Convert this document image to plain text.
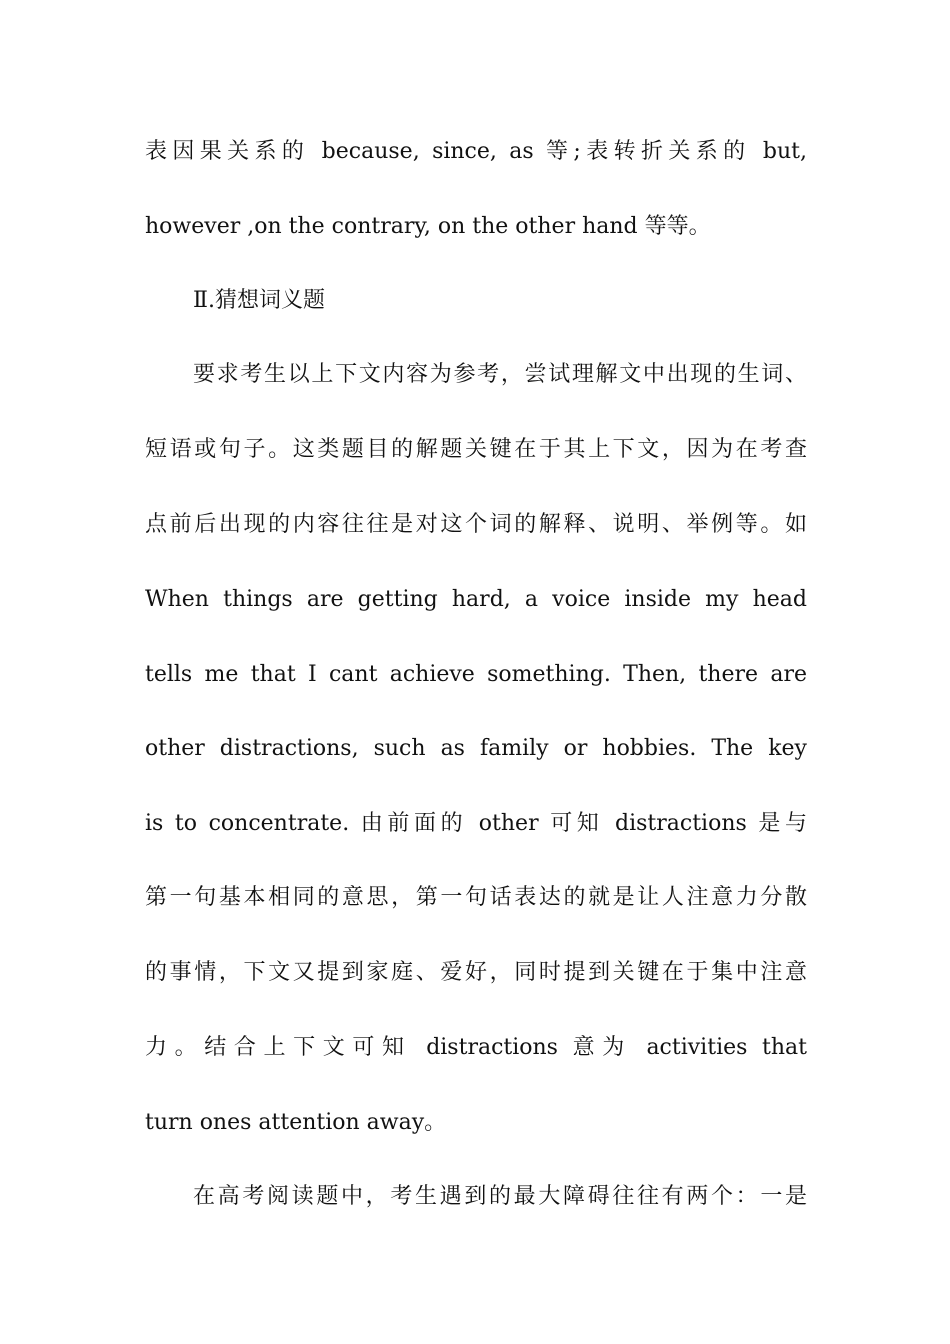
表因果关系的 because, since, as 等;表转折关系的 but,
however ,on the contrary, on the other hand 等等。
Ⅱ.猜想词义题
要求考生以上下文内容为参考，尝试理解文中出现的生词、
短语或句子。这类题目的解题关键在于其上下文，因为在考查
点前后出现的内容往往是对这个词的解释、说明、举例等。如
When things are getting hard, a voice inside my head
tells me that I cant achieve something. Then, there are
other distractions, such as family or hobbies. The key
is to concentrate. 由前面的 other 可知 distractions 是与
第一句基本相同的意思，第一句话表达的就是让人注意力分散
的事情，下文又提到家庭、爱好，同时提到关键在于集中注意
力。结合上下文可知 distractions 意为 activities that
turn ones attention away。
在高考阅读题中，考生遇到的最大障碍往往有两个：一是
